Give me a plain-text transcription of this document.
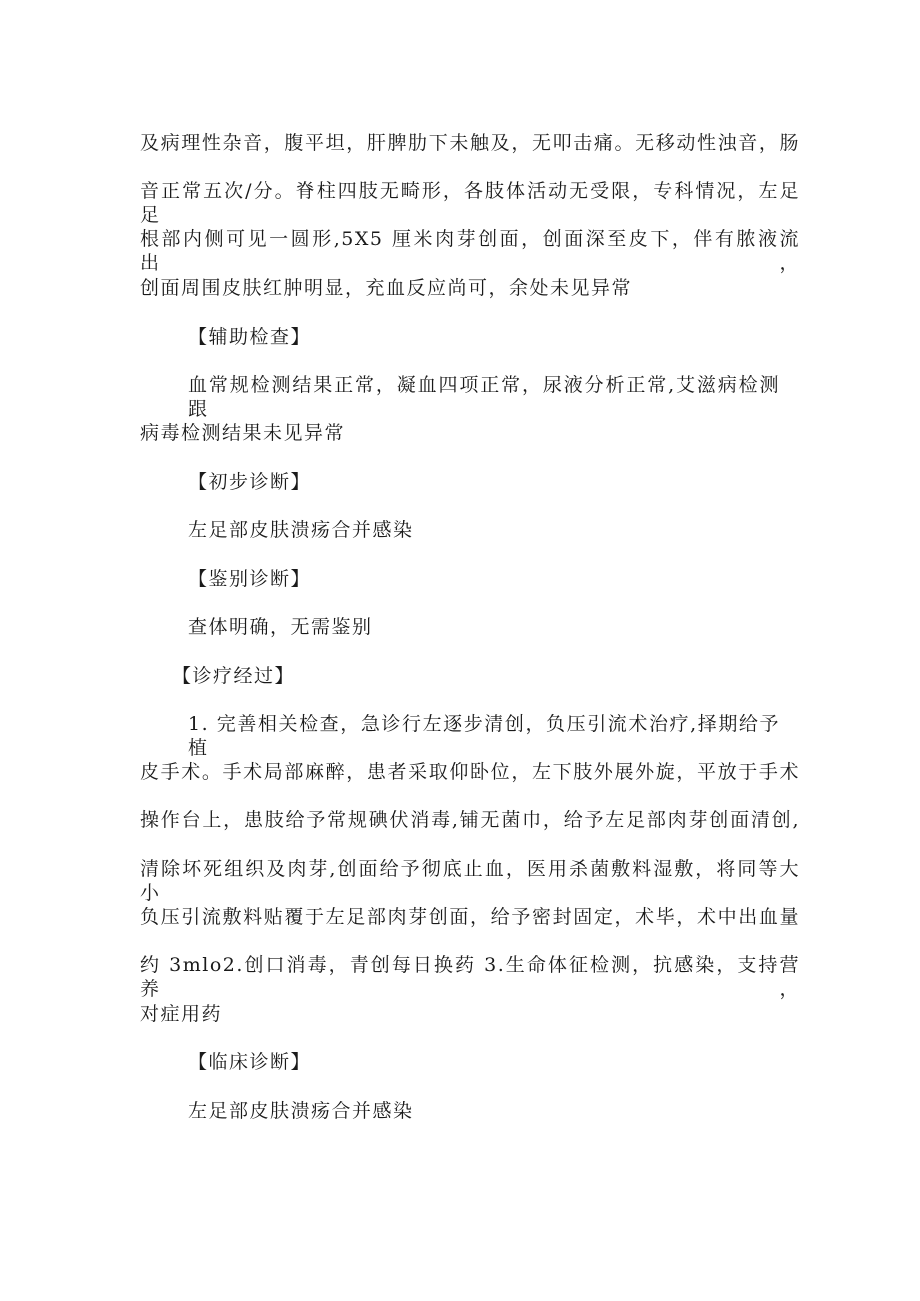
及病理性杂音，腹平坦，肝脾肋下未触及，无叩击痛。无移动性浊音，肠
音正常五次/分。脊柱四肢无畸形，各肢体活动无受限，专科情况，左足足
根部内侧可见一圆形,5X5 厘米肉芽创面，创面深至皮下，伴有脓液流出，
创面周围皮肤红肿明显，充血反应尚可，余处未见异常
【辅助检查】
血常规检测结果正常，凝血四项正常，尿液分析正常,艾滋病检测跟
病毒检测结果未见异常
【初步诊断】
左足部皮肤溃疡合并感染
【鉴别诊断】
查体明确，无需鉴别
【诊疗经过】
1. 完善相关检查，急诊行左逐步清创，负压引流术治疗,择期给予植
皮手术。手术局部麻醉，患者采取仰卧位，左下肢外展外旋，平放于手术
操作台上，患肢给予常规碘伏消毒,铺无菌巾，给予左足部肉芽创面清创,
清除坏死组织及肉芽,创面给予彻底止血，医用杀菌敷料湿敷，将同等大小
负压引流敷料贴覆于左足部肉芽创面，给予密封固定，术毕，术中出血量
约 3mlo2.创口消毒，青创每日换药 3.生命体征检测，抗感染，支持营养，
对症用药
【临床诊断】
左足部皮肤溃疡合并感染
